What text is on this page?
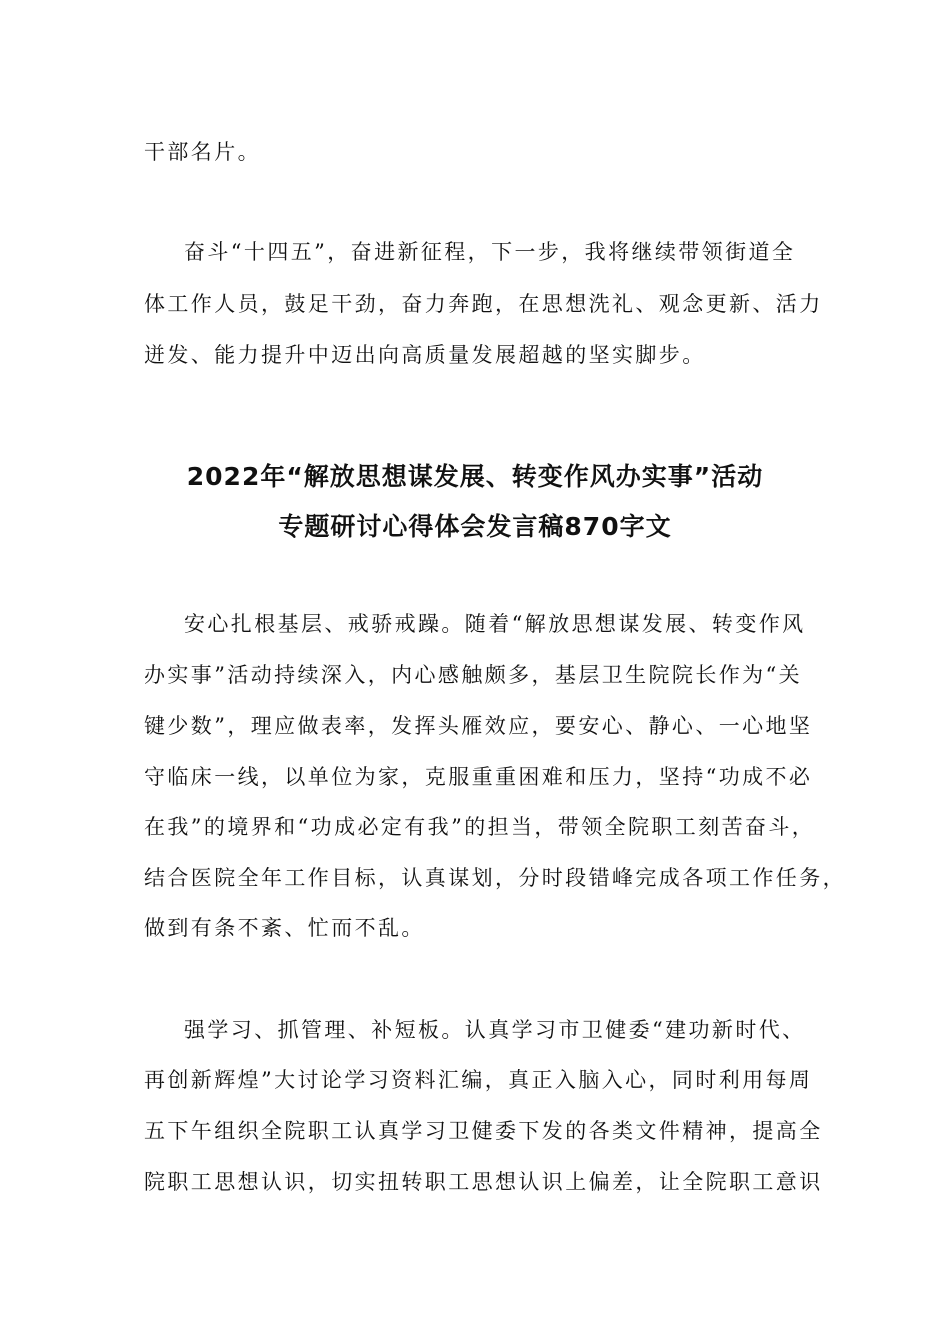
干部名片。
奋斗“十四五”，奋进新征程，下一步，我将继续带领街道全
体工作人员，鼓足干劲，奋力奔跑，在思想洗礼、观念更新、活力
迸发、能力提升中迈出向高质量发展超越的坚实脚步。
2022年“解放思想谋发展、转变作风办实事”活动
专题研讨心得体会发言稿870字文
安心扎根基层、戒骄戒躁。随着“解放思想谋发展、转变作风
办实事”活动持续深入，内心感触颇多，基层卫生院院长作为“关
键少数”，理应做表率，发挥头雁效应，要安心、静心、一心地坚
守临床一线，以单位为家，克服重重困难和压力，坚持“功成不必
在我”的境界和“功成必定有我”的担当，带领全院职工刻苦奋斗，
结合医院全年工作目标，认真谋划，分时段错峰完成各项工作任务，
做到有条不紊、忙而不乱。
强学习、抓管理、补短板。认真学习市卫健委“建功新时代、
再创新辉煌”大讨论学习资料汇编，真正入脑入心，同时利用每周
五下午组织全院职工认真学习卫健委下发的各类文件精神，提高全
院职工思想认识，切实扭转职工思想认识上偏差，让全院职工意识
